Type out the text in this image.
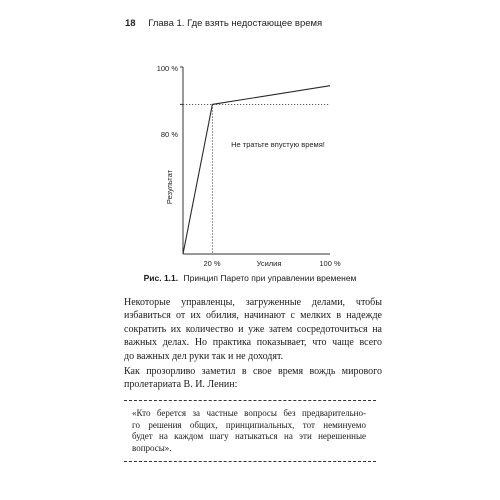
18 Глава 1. Где взять недостающее время
100 %
80 %
Результат
20 %	Усилия	100 %
Не тратьте впустую время!
Рис. 1.1. Принцип Парето при управлении временем
Некоторые управленцы, загруженные делами, чтобы
избавиться от их обилия, начинают с мелких в надежде
сократить их количество и уже затем сосредоточиться на
важных делах. Но практика показывает, что чаще всего
до важных дел руки так и не доходят.
Как прозорливо заметил в свое время вождь мирового
пролетариата В. И. Ленин:
«Кто берется за частные вопросы без предварительно-
го решения общих, принципиальных, тот неминуемо
будет на каждом шагу натыкаться на эти нерешенные
вопросы».
